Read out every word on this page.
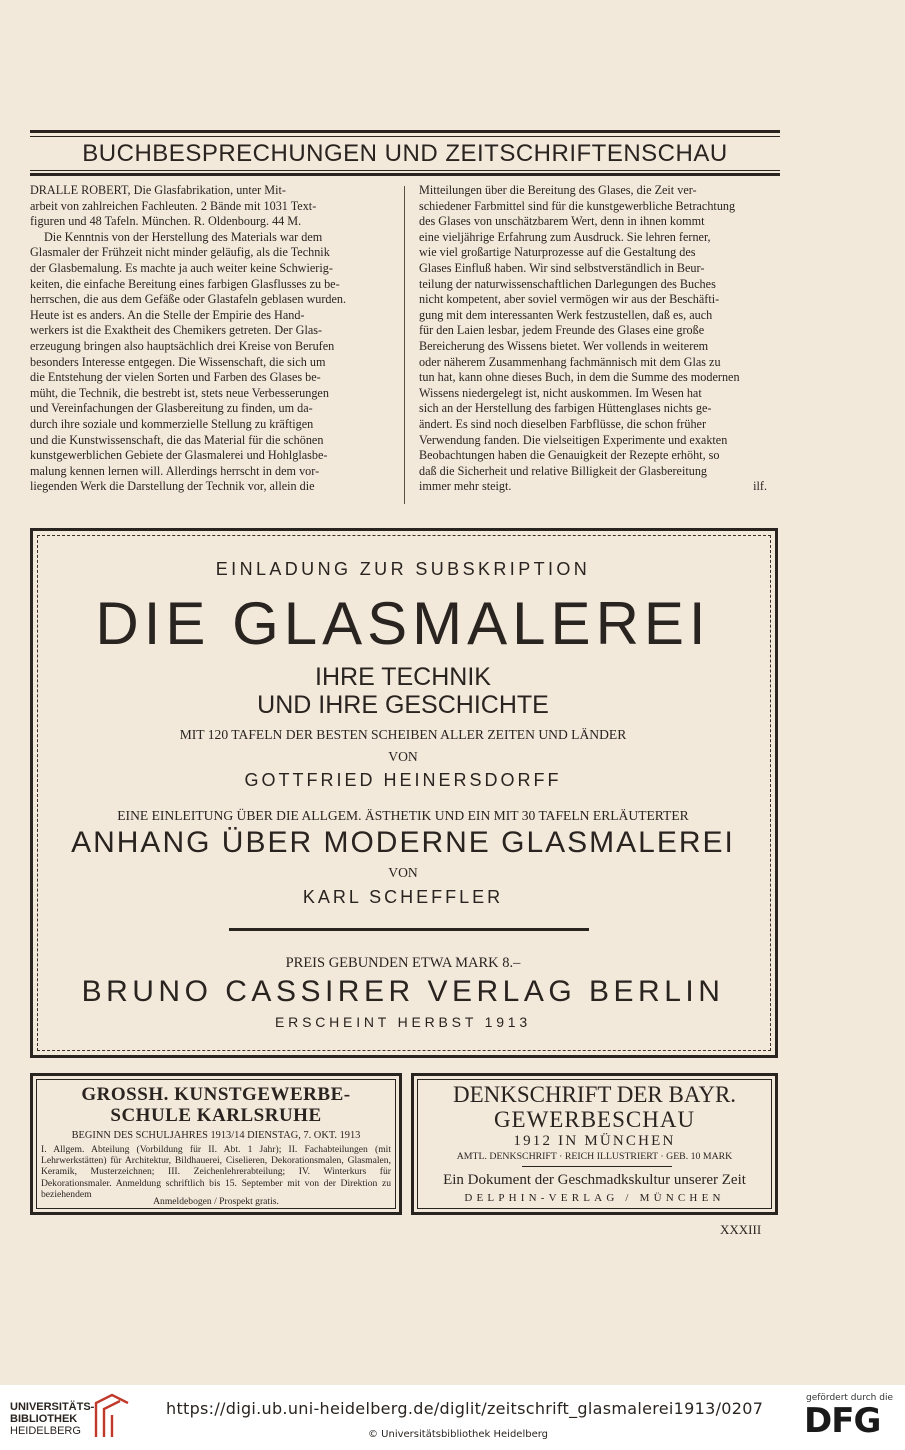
BUCHBESPRECHUNGEN UND ZEITSCHRIFTENSCHAU

DRALLE ROBERT, Die Glasfabrikation, unter Mit-

arbeit von zahlreichen Fachleuten. 2 Bände mit 1031 Text-

figuren und 48 Tafeln. München. R. Oldenbourg. 44 M.

Die Kenntnis von der Herstellung des Materials war dem

Glasmaler der Frühzeit nicht minder geläufig, als die Technik

der Glasbemalung. Es machte ja auch weiter keine Schwierig-

keiten, die einfache Bereitung eines farbigen Glasflusses zu be-

herrschen, die aus dem Gefäße oder Glastafeln geblasen wurden.

Heute ist es anders. An die Stelle der Empirie des Hand-

werkers ist die Exaktheit des Chemikers getreten. Der Glas-

erzeugung bringen also hauptsächlich drei Kreise von Berufen

besonders Interesse entgegen. Die Wissenschaft, die sich um

die Entstehung der vielen Sorten und Farben des Glases be-

müht, die Technik, die bestrebt ist, stets neue Verbesserungen

und Vereinfachungen der Glasbereitung zu finden, um da-

durch ihre soziale und kommerzielle Stellung zu kräftigen

und die Kunstwissenschaft, die das Material für die schönen

kunstgewerblichen Gebiete der Glasmalerei und Hohlglasbe-

malung kennen lernen will. Allerdings herrscht in dem vor-

liegenden Werk die Darstellung der Technik vor, allein die

Mitteilungen über die Bereitung des Glases, die Zeit ver-

schiedener Farbmittel sind für die kunstgewerbliche Betrachtung

des Glases von unschätzbarem Wert, denn in ihnen kommt

eine vieljährige Erfahrung zum Ausdruck. Sie lehren ferner,

wie viel großartige Naturprozesse auf die Gestaltung des

Glases Einfluß haben. Wir sind selbstverständlich in Beur-

teilung der naturwissenschaftlichen Darlegungen des Buches

nicht kompetent, aber soviel vermögen wir aus der Beschäfti-

gung mit dem interessanten Werk festzustellen, daß es, auch

für den Laien lesbar, jedem Freunde des Glases eine große

Bereicherung des Wissens bietet. Wer vollends in weiterem

oder näherem Zusammenhang fachmännisch mit dem Glas zu

tun hat, kann ohne dieses Buch, in dem die Summe des modernen

Wissens niedergelegt ist, nicht auskommen. Im Wesen hat

sich an der Herstellung des farbigen Hüttenglases nichts ge-

ändert. Es sind noch dieselben Farbflüsse, die schon früher

Verwendung fanden. Die vielseitigen Experimente und exakten

Beobachtungen haben die Genauigkeit der Rezepte erhöht, so

daß die Sicherheit und relative Billigkeit der Glasbereitung

immer mehr steigt.	ilf.

EINLADUNG ZUR SUBSKRIPTION
DIE GLASMALEREI
IHRE TECHNIK
UND IHRE GESCHICHTE
MIT 120 TAFELN DER BESTEN SCHEIBEN ALLER ZEITEN UND LÄNDER
VON
GOTTFRIED HEINERSDORFF
EINE EINLEITUNG ÜBER DIE ALLGEM. ÄSTHETIK UND EIN MIT 30 TAFELN ERLÄUTERTER
ANHANG ÜBER MODERNE GLASMALEREI
VON
KARL SCHEFFLER
PREIS GEBUNDEN ETWA MARK 8.–
BRUNO CASSIRER VERLAG BERLIN
ERSCHEINT HERBST 1913
GROSSH. KUNSTGEWERBE-
SCHULE KARLSRUHE
BEGINN DES SCHULJAHRES 1913/14 DIENSTAG, 7. OKT. 1913
I. Allgem. Abteilung (Vorbildung für II. Abt. 1 Jahr); II. Fachabteilungen (mit Lehrwerkstätten) für Architektur, Bildhauerei, Ciselieren, Dekorationsmalen, Glasmalen, Keramik, Musterzeichnen; III. Zeichenlehrerabteilung; IV. Winterkurs für Dekorationsmaler. Anmeldung schriftlich bis 15. September mit von der Direktion zu beziehendem
Anmeldebogen / Prospekt gratis.
DENKSCHRIFT DER BAYR.
GEWERBESCHAU
1912 IN MÜNCHEN
AMTL. DENKSCHRIFT · REICH ILLUSTRIERT · GEB. 10 MARK
Ein Dokument der Geschmadkskultur unserer Zeit
DELPHIN-VERLAG / MÜNCHEN
XXXIII
UNIVERSITÄTS-
BIBLIOTHEK
HEIDELBERG
https://digi.ub.uni-heidelberg.de/diglit/zeitschrift_glasmalerei1913/0207
© Universitätsbibliothek Heidelberg
gefördert durch die
DFG
